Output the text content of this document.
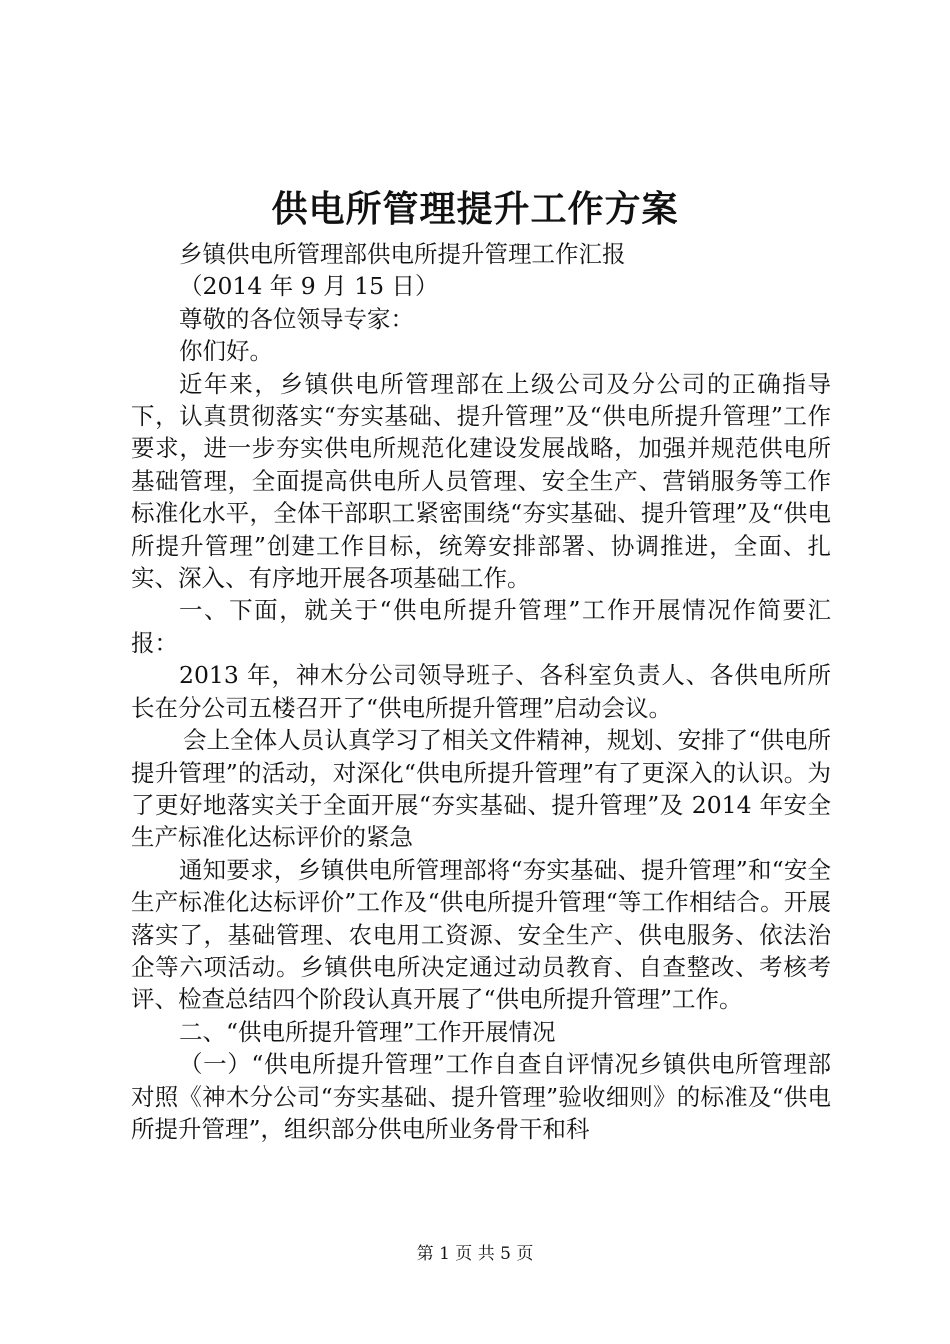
供电所管理提升工作方案

乡镇供电所管理部供电所提升管理工作汇报

（2014 年 9 月 15 日）

尊敬的各位领导专家：

你们好。

近年来，乡镇供电所管理部在上级公司及分公司的正确指导下，认真贯彻落实“夯实基础、提升管理”及“供电所提升管理”工作要求，进一步夯实供电所规范化建设发展战略，加强并规范供电所基础管理，全面提高供电所人员管理、安全生产、营销服务等工作标准化水平，全体干部职工紧密围绕“夯实基础、提升管理”及“供电所提升管理”创建工作目标，统筹安排部署、协调推进，全面、扎实、深入、有序地开展各项基础工作。

一、下面，就关于“供电所提升管理”工作开展情况作简要汇报：

2013 年，神木分公司领导班子、各科室负责人、各供电所所长在分公司五楼召开了“供电所提升管理”启动会议。

会上全体人员认真学习了相关文件精神，规划、安排了“供电所提升管理”的活动，对深化“供电所提升管理”有了更深入的认识。为了更好地落实关于全面开展“夯实基础、提升管理”及 2014 年安全生产标准化达标评价的紧急

通知要求，乡镇供电所管理部将“夯实基础、提升管理”和“安全生产标准化达标评价”工作及“供电所提升管理“等工作相结合。开展落实了，基础管理、农电用工资源、安全生产、供电服务、依法治企等六项活动。乡镇供电所决定通过动员教育、自查整改、考核考评、检查总结四个阶段认真开展了“供电所提升管理”工作。

二、“供电所提升管理”工作开展情况

（一）“供电所提升管理”工作自查自评情况乡镇供电所管理部对照《神木分公司“夯实基础、提升管理”验收细则》的标准及“供电所提升管理”，组织部分供电所业务骨干和科

第 1 页 共 5 页
